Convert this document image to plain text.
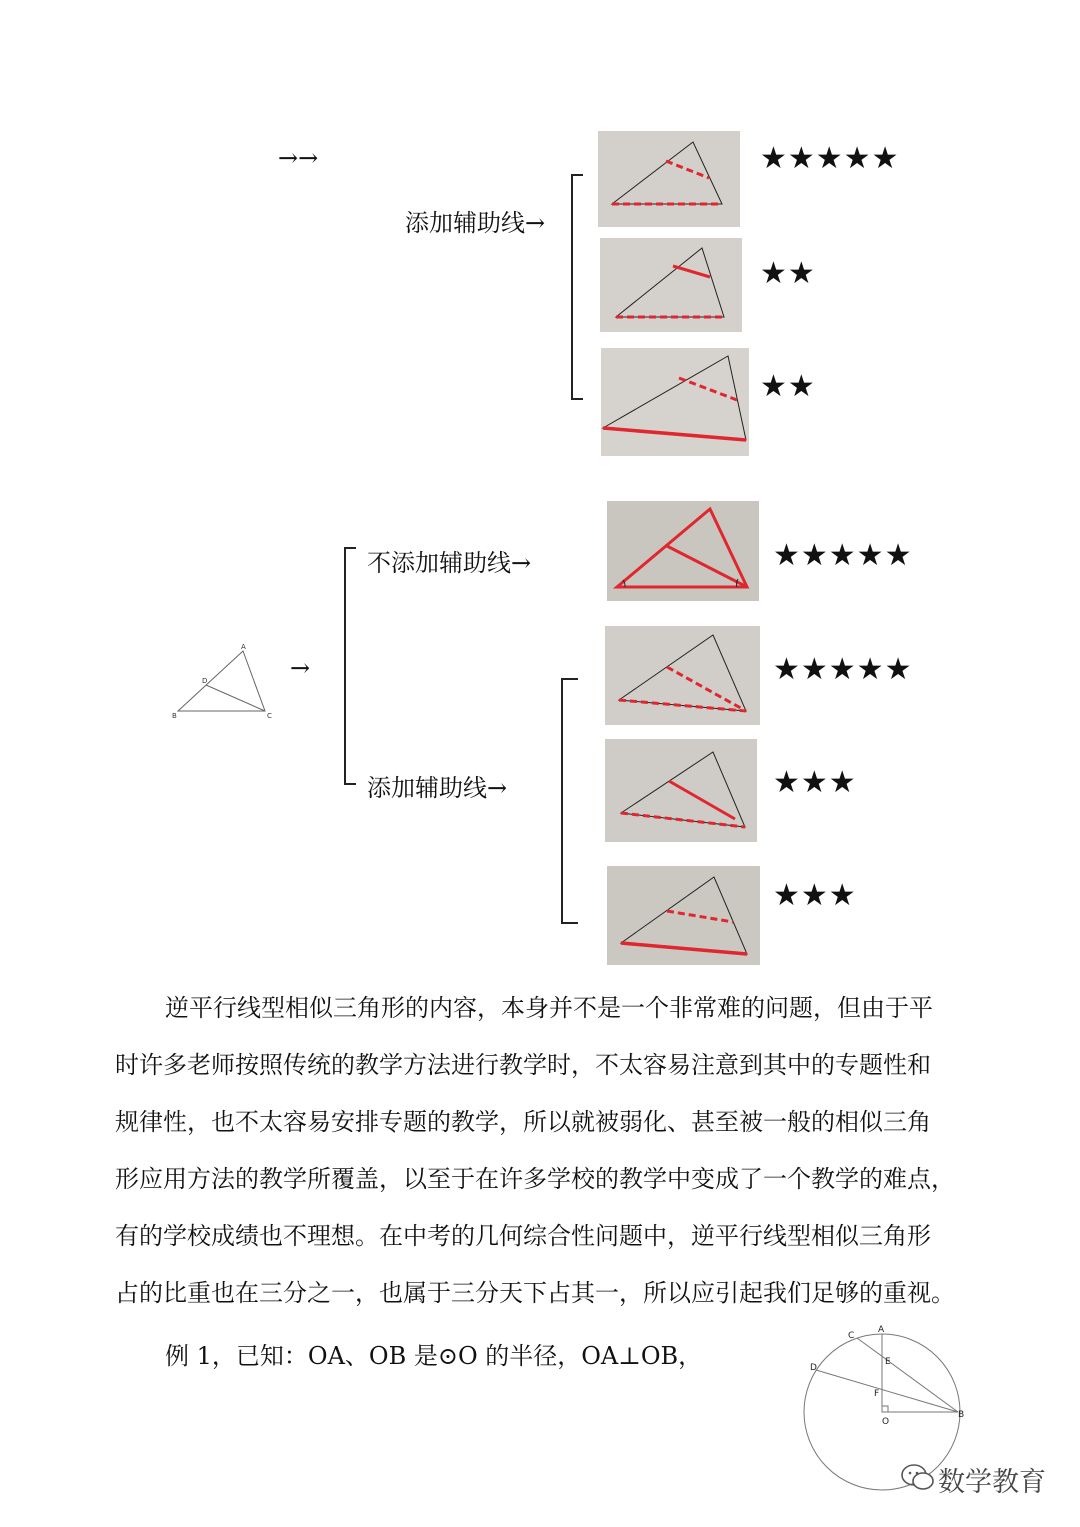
→→
添加辅助线→
★★★★★
★★
★★
A
D
B	C
→
不添加辅助线→
添加辅助线→
★★★★★
★★★★★
★★★
★★★

逆平行线型相似三角形的内容，本身并不是一个非常难的问题，但由于平

时许多老师按照传统的教学方法进行教学时，不太容易注意到其中的专题性和

规律性，也不太容易安排专题的教学，所以就被弱化、甚至被一般的相似三角

形应用方法的教学所覆盖，以至于在许多学校的教学中变成了一个教学的难点，

有的学校成绩也不理想。在中考的几何综合性问题中，逆平行线型相似三角形

占的比重也在三分之一，也属于三分天下占其一，所以应引起我们足够的重视。

例 1，已知：OA、OB 是⊙O 的半径，OA⊥OB，
C
A
D
E
F
O
B
数学教育
